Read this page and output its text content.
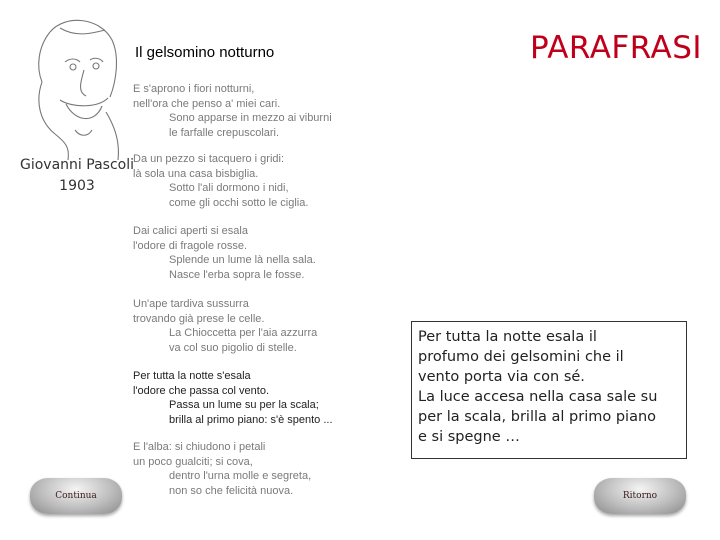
Giovanni Pascoli
1903
Il gelsomino notturno	PARAFRASI
E s'aprono i fiori notturni,
nell'ora che penso a' miei cari.
Sono apparse in mezzo ai viburni
le farfalle crepuscolari.
Da un pezzo si tacquero i gridi:
là sola una casa bisbiglia.
Sotto l'ali dormono i nidi,
come gli occhi sotto le ciglia.
Dai calici aperti si esala
l'odore di fragole rosse.
Splende un lume là nella sala.
Nasce l'erba sopra le fosse.
Un'ape tardiva sussurra
trovando già prese le celle.
La Chioccetta per l'aia azzurra
va col suo pigolio di stelle.
Per tutta la notte s'esala
l'odore che passa col vento.
Passa un lume su per la scala;
brilla al primo piano: s'è spento ...
E l'alba: si chiudono i petali
un poco gualciti; si cova,
dentro l'urna molle e segreta,
non so che felicità nuova.
Per tutta la notte esala il
profumo dei gelsomini che il
vento porta via con sé.
La luce accesa nella casa sale su
per la scala, brilla al primo piano
e si spegne …
Continua	Ritorno
